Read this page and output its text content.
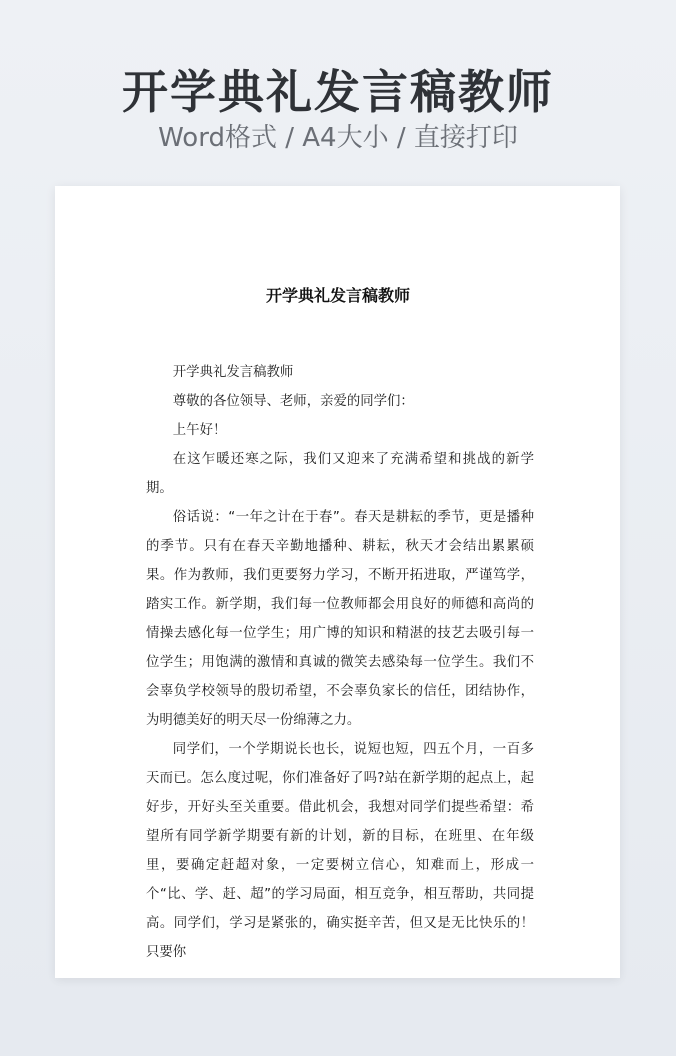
开学典礼发言稿教师
Word格式 / A4大小 / 直接打印
开学典礼发言稿教师

开学典礼发言稿教师

尊敬的各位领导、老师，亲爱的同学们：

上午好！

在这乍暖还寒之际，我们又迎来了充满希望和挑战的新学期。

俗话说：“一年之计在于春”。春天是耕耘的季节，更是播种的季节。只有在春天辛勤地播种、耕耘，秋天才会结出累累硕果。作为教师，我们更要努力学习，不断开拓进取，严谨笃学，踏实工作。新学期，我们每一位教师都会用良好的师德和高尚的情操去感化每一位学生；用广博的知识和精湛的技艺去吸引每一位学生；用饱满的激情和真诚的微笑去感染每一位学生。我们不会辜负学校领导的殷切希望，不会辜负家长的信任，团结协作，为明德美好的明天尽一份绵薄之力。

同学们，一个学期说长也长，说短也短，四五个月，一百多天而已。怎么度过呢，你们准备好了吗?站在新学期的起点上，起好步，开好头至关重要。借此机会，我想对同学们提些希望：希望所有同学新学期要有新的计划，新的目标，在班里、在年级里，要确定赶超对象，一定要树立信心，知难而上，形成一个“比、学、赶、超”的学习局面，相互竞争，相互帮助，共同提高。同学们，学习是紧张的，确实挺辛苦，但又是无比快乐的！只要你
